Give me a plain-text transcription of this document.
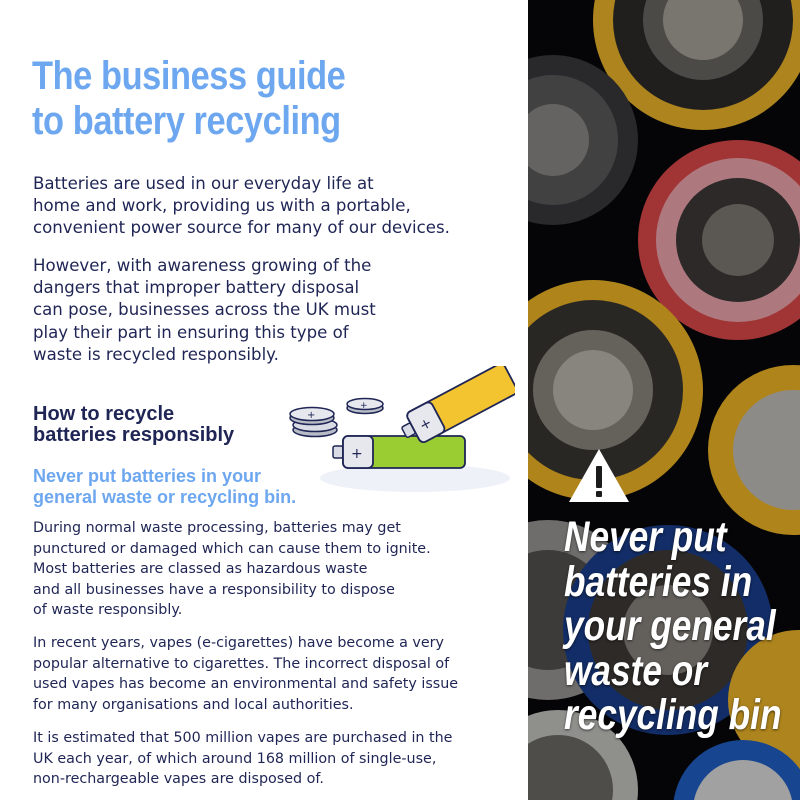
The business guide
to battery recycling
Batteries are used in our everyday life at
home and work, providing us with a portable,
convenient power source for many of our devices.
However, with awareness growing of the
dangers that improper battery disposal
can pose, businesses across the UK must
play their part in ensuring this type of
waste is recycled responsibly.
How to recycle
batteries responsibly
Never put batteries in your
general waste or recycling bin.
During normal waste processing, batteries may get
punctured or damaged which can cause them to ignite.
Most batteries are classed as hazardous waste
and all businesses have a responsibility to dispose
of waste responsibly.
In recent years, vapes (e-cigarettes) have become a very
popular alternative to cigarettes. The incorrect disposal of
used vapes has become an environmental and safety issue
for many organisations and local authorities.
It is estimated that 500 million vapes are purchased in the
UK each year, of which around 168 million of single-use,
non-rechargeable vapes are disposed of.
+
+
+
+
Never put
batteries in
your general
waste or
recycling bin
